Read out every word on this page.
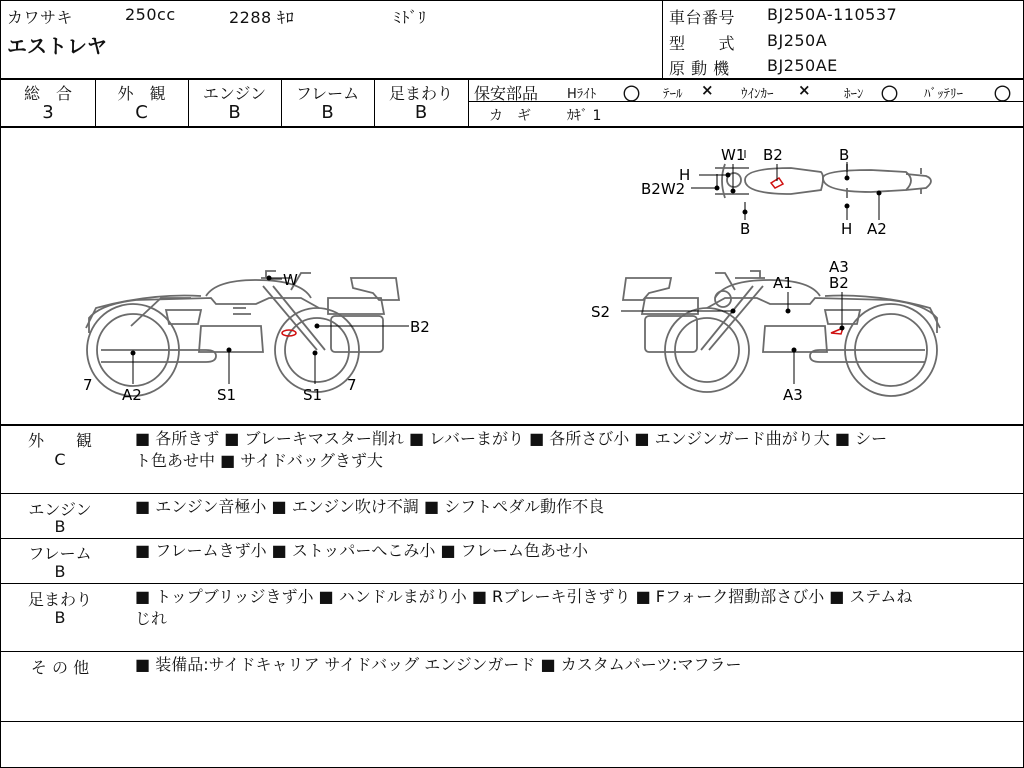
カワサキ	250cc	2288 ｷﾛ	ﾐﾄﾞﾘ
エストレヤ
車台番号 BJ250A-110537
型　　式 BJ250A
原 動 機 BJ250AE
総　合
3
外　観
C
エンジン
B
フレーム
B
足まわり
B
保安部品 Hﾗｲﾄ 〇 ﾃｰﾙ × ｳｲﾝｶｰ ×	ﾎｰﾝ 〇 ﾊﾞｯﾃﾘｰ 〇
カ　ギ	ｶｷﾞ 1
W
B2
7
A2	S1	S1
7
A3
B2
A1
S2
A3
W1 B2	B
H
B2W2
B	H A2
外　　観
C
■ 各所きず ■ ブレーキマスター削れ ■ レバーまがり ■ 各所さび小 ■ エンジンガード曲がり大 ■ シー
ト色あせ中 ■ サイドバッグきず大
エンジン
B
■ エンジン音極小 ■ エンジン吹け不調 ■ シフトペダル動作不良
フレーム
B
■ フレームきず小 ■ ストッパーへこみ小 ■ フレーム色あせ小
足まわり
B
■ トップブリッジきず小 ■ ハンドルまがり小 ■ Rブレーキ引きずり ■ Fフォーク摺動部さび小 ■ ステムね
じれ
そ の 他	■ 装備品:サイドキャリア サイドバッグ エンジンガード ■ カスタムパーツ:マフラー
